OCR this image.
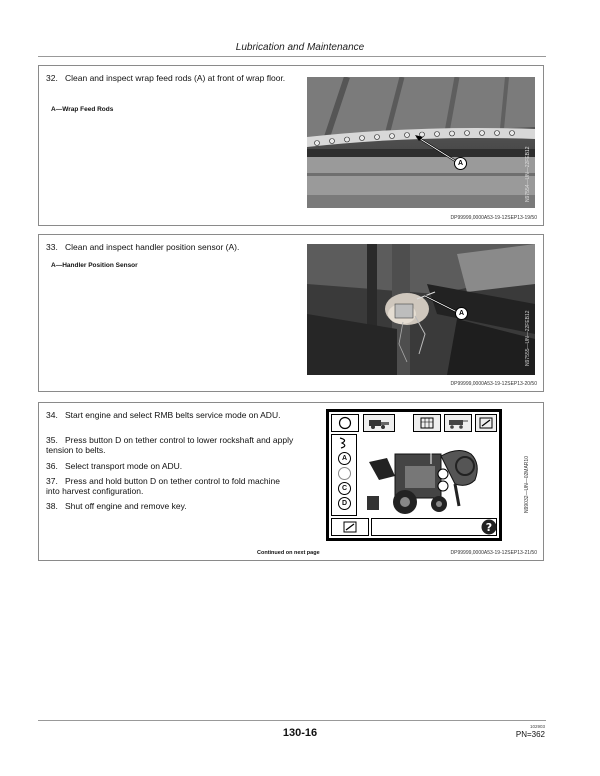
Lubrication and Maintenance
32. Clean and inspect wrap feed rods (A) at front of wrap floor.
A—Wrap Feed Rods
A	N97554—UN—22FEB12
DP99999,0000A53-19-12SEP13-19/50
33. Clean and inspect handler position sensor (A).
A—Handler Position Sensor
A	N97555—UN—22FEB12
DP99999,0000A53-19-12SEP13-20/50
34. Start engine and select RMB belts service mode on ADU.
35. Press button D on tether control to lower rockshaft and apply tension to belts.
36. Select transport mode on ADU.
37. Press and hold button D on tether control to fold machine into harvest configuration.
38. Shut off engine and remove key.
Continued on next page	DP99999,0000A53-19-12SEP13-21/50
N99032—UN—02MAR10
A
C
D
?
130-16
102903
PN=362
